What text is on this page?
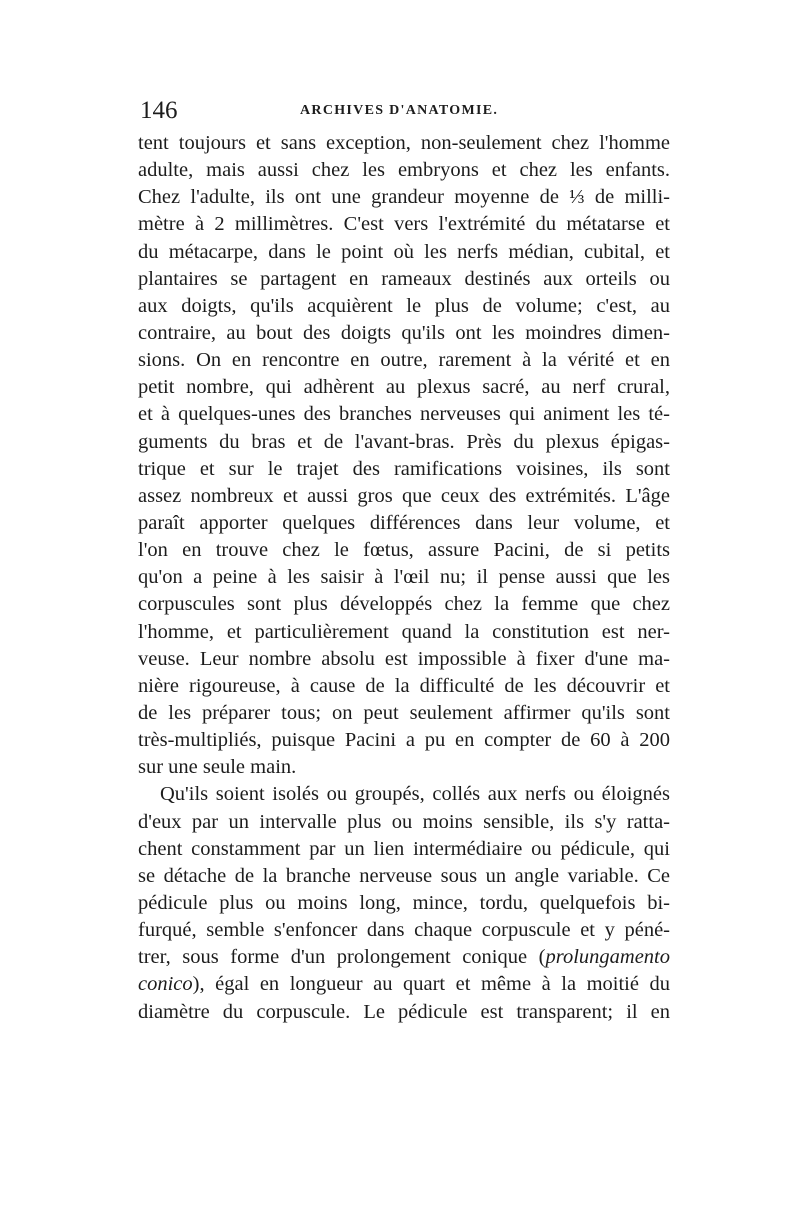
146	ARCHIVES D'ANATOMIE.
tent toujours et sans exception, non-seulement chez l'homme
adulte, mais aussi chez les embryons et chez les enfants.
Chez l'adulte, ils ont une grandeur moyenne de ⅓ de milli-
mètre à 2 millimètres. C'est vers l'extrémité du métatarse et
du métacarpe, dans le point où les nerfs médian, cubital, et
plantaires se partagent en rameaux destinés aux orteils ou
aux doigts, qu'ils acquièrent le plus de volume; c'est, au
contraire, au bout des doigts qu'ils ont les moindres dimen-
sions. On en rencontre en outre, rarement à la vérité et en
petit nombre, qui adhèrent au plexus sacré, au nerf crural,
et à quelques-unes des branches nerveuses qui animent les té-
guments du bras et de l'avant-bras. Près du plexus épigas-
trique et sur le trajet des ramifications voisines, ils sont
assez nombreux et aussi gros que ceux des extrémités. L'âge
paraît apporter quelques différences dans leur volume, et
l'on en trouve chez le fœtus, assure Pacini, de si petits
qu'on a peine à les saisir à l'œil nu; il pense aussi que les
corpuscules sont plus développés chez la femme que chez
l'homme, et particulièrement quand la constitution est ner-
veuse. Leur nombre absolu est impossible à fixer d'une ma-
nière rigoureuse, à cause de la difficulté de les découvrir et
de les préparer tous; on peut seulement affirmer qu'ils sont
très-multipliés, puisque Pacini a pu en compter de 60 à 200
sur une seule main.
Qu'ils soient isolés ou groupés, collés aux nerfs ou éloignés
d'eux par un intervalle plus ou moins sensible, ils s'y ratta-
chent constamment par un lien intermédiaire ou pédicule, qui
se détache de la branche nerveuse sous un angle variable. Ce
pédicule plus ou moins long, mince, tordu, quelquefois bi-
furqué, semble s'enfoncer dans chaque corpuscule et y péné-
trer, sous forme d'un prolongement conique (prolungamento
conico), égal en longueur au quart et même à la moitié du
diamètre du corpuscule. Le pédicule est transparent; il en
